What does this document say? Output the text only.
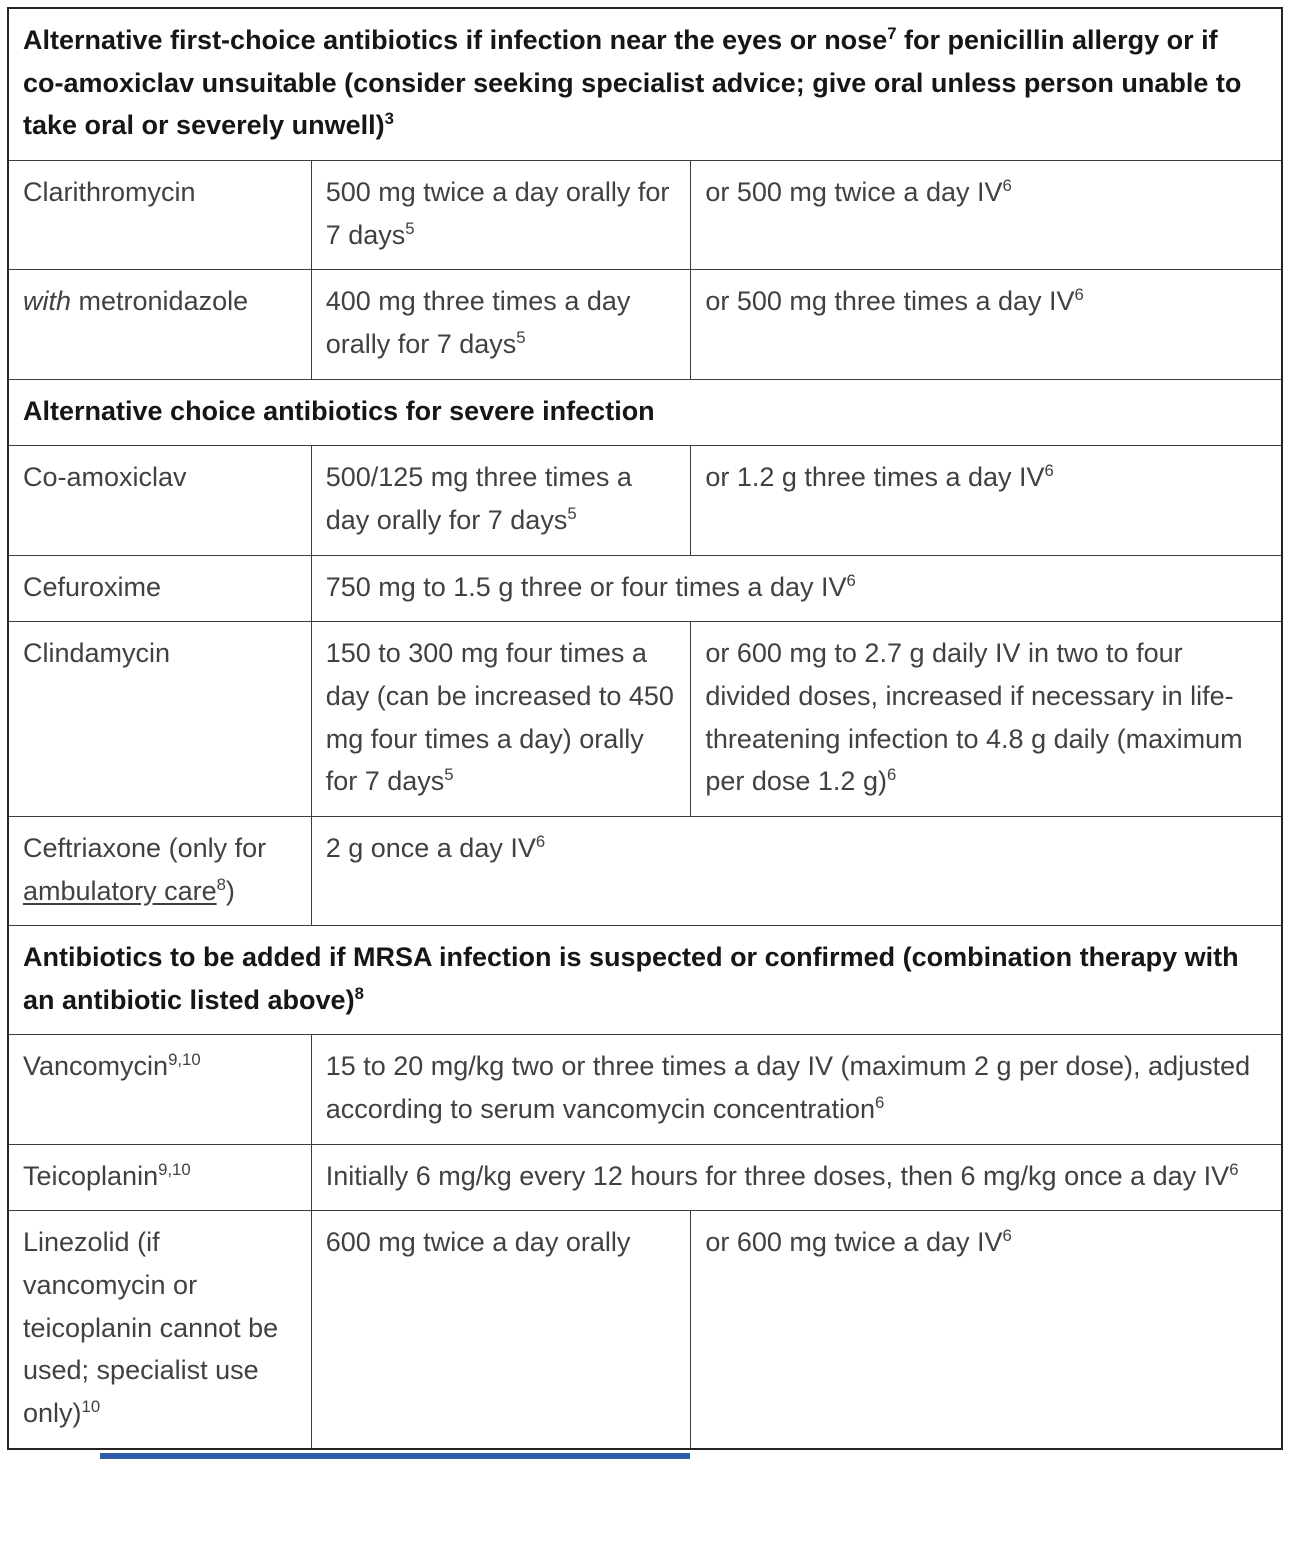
Alternative first-choice antibiotics if infection near the eyes or nose$^7$ for penicillin allergy or if co-amoxiclav unsuitable (consider seeking specialist advice; give oral unless person unable to take oral or severely unwell)$^3$
Clarithromycin	500 mg twice a day orally for 7 days$^5$	or 500 mg twice a day $IV^6$
with metronidazole	400 mg three times a day orally for 7 days$^5$	or 500 mg three times a day $IV^6$
Alternative choice antibiotics for severe infection		
Co-amoxiclav	500/125 mg three times a day orally for 7 days$^5$	or 1.2 g three times a day $IV^6$
Cefuroxime	750 mg to 1.5 g three or four times a day $IV^6$
Clindamycin	150 to 300 mg four times a day (can be increased to 450 mg four times a day) orally for 7 days$^5$	or 600 mg to 2.7 g daily IV in two to four divided doses, increased if necessary in life-threatening infection to 4.8 g daily (maximum per dose 1.2 g)$^6$
Ceftriaxone (only for ambulatory care$^8$)	2 g once a day $IV^6$
Antibiotics to be added if MRSA infection is suspected or confirmed (combination therapy with an antibiotic listed above)$^8$
Vancomycin$^{9,10}$	15 to 20 mg/kg two or three times a day IV (maximum 2 g per dose), adjusted according to serum vancomycin concentration$^6$
Teicoplanin$^{9,10}$	Initially 6 mg/kg every 12 hours for three doses, then 6 mg/kg once a day $IV^6$
Linezolid (if vancomycin or teicoplanin cannot be used; specialist use only)$^{10}$	600 mg twice a day orally	or 600 mg twice a day $IV^6$
